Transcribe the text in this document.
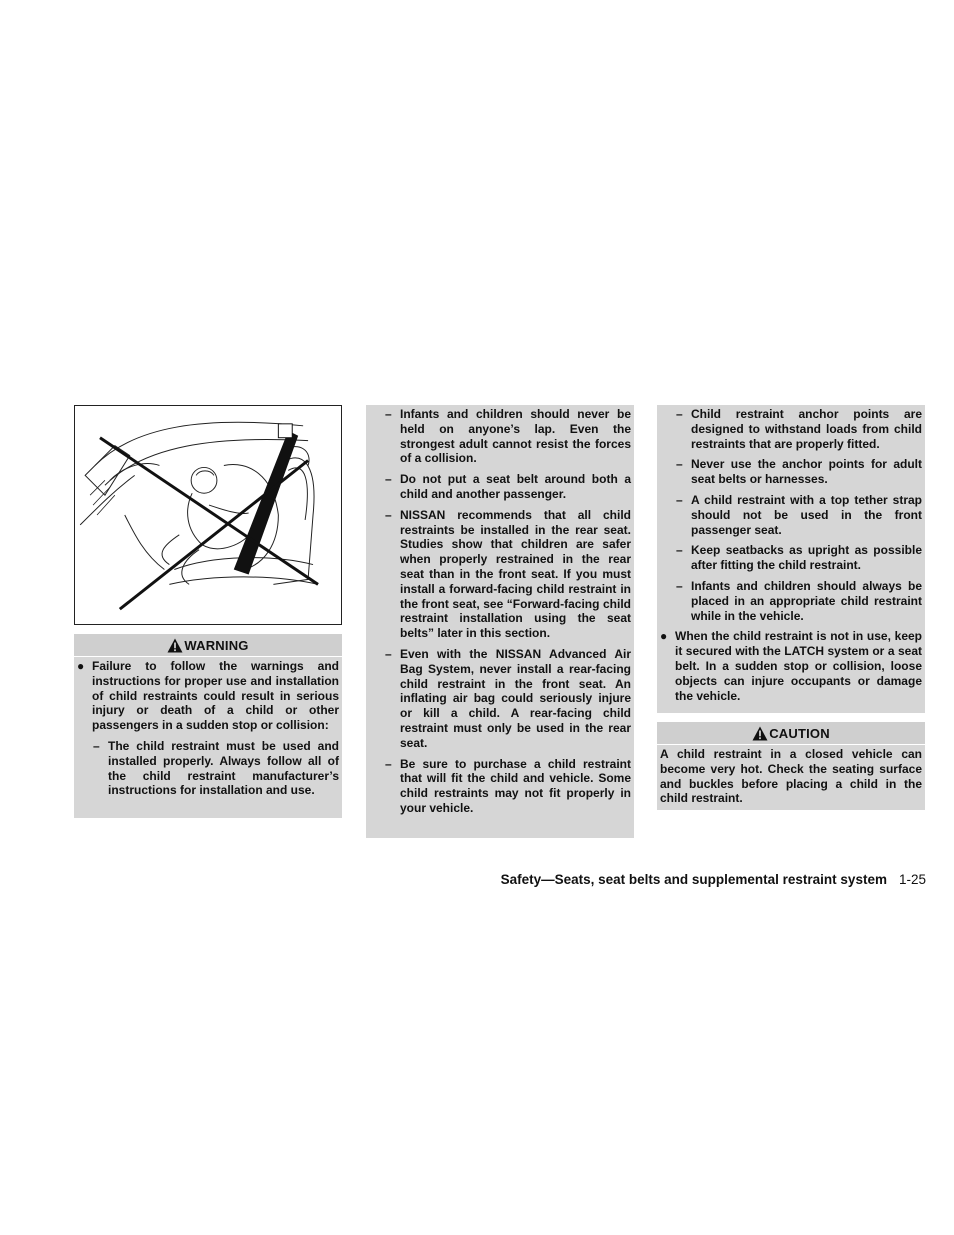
WARNING
● Failure to follow the warnings and instructions for proper use and installation of child restraints could result in serious injury or death of a child or other passengers in a sudden stop or collision:

– The child restraint must be used and installed properly. Always follow all of the child restraint manufacturer’s instructions for installation and use.

– Infants and children should never be held on anyone’s lap. Even the strongest adult cannot resist the forces of a collision.

– Do not put a seat belt around both a child and another passenger.

– NISSAN recommends that all child restraints be installed in the rear seat. Studies show that children are safer when properly restrained in the rear seat than in the front seat. If you must install a forward-facing child restraint in the front seat, see “Forward-facing child restraint installation using the seat belts” later in this section.

– Even with the NISSAN Advanced Air Bag System, never install a rear-facing child restraint in the front seat. An inflating air bag could seriously injure or kill a child. A rear-facing child restraint must only be used in the rear seat.

– Be sure to purchase a child restraint that will fit the child and vehicle. Some child restraints may not fit properly in your vehicle.

– Child restraint anchor points are designed to withstand loads from child restraints that are properly fitted.

– Never use the anchor points for adult seat belts or harnesses.

– A child restraint with a top tether strap should not be used in the front passenger seat.

– Keep seatbacks as upright as possible after fitting the child restraint.

– Infants and children should always be placed in an appropriate child restraint while in the vehicle.

● When the child restraint is not in use, keep it secured with the LATCH system or a seat belt. In a sudden stop or collision, loose objects can injure occupants or damage the vehicle.

CAUTION

A child restraint in a closed vehicle can become very hot. Check the seating surface and buckles before placing a child in the child restraint.

Safety—Seats, seat belts and supplemental restraint system 1-25
